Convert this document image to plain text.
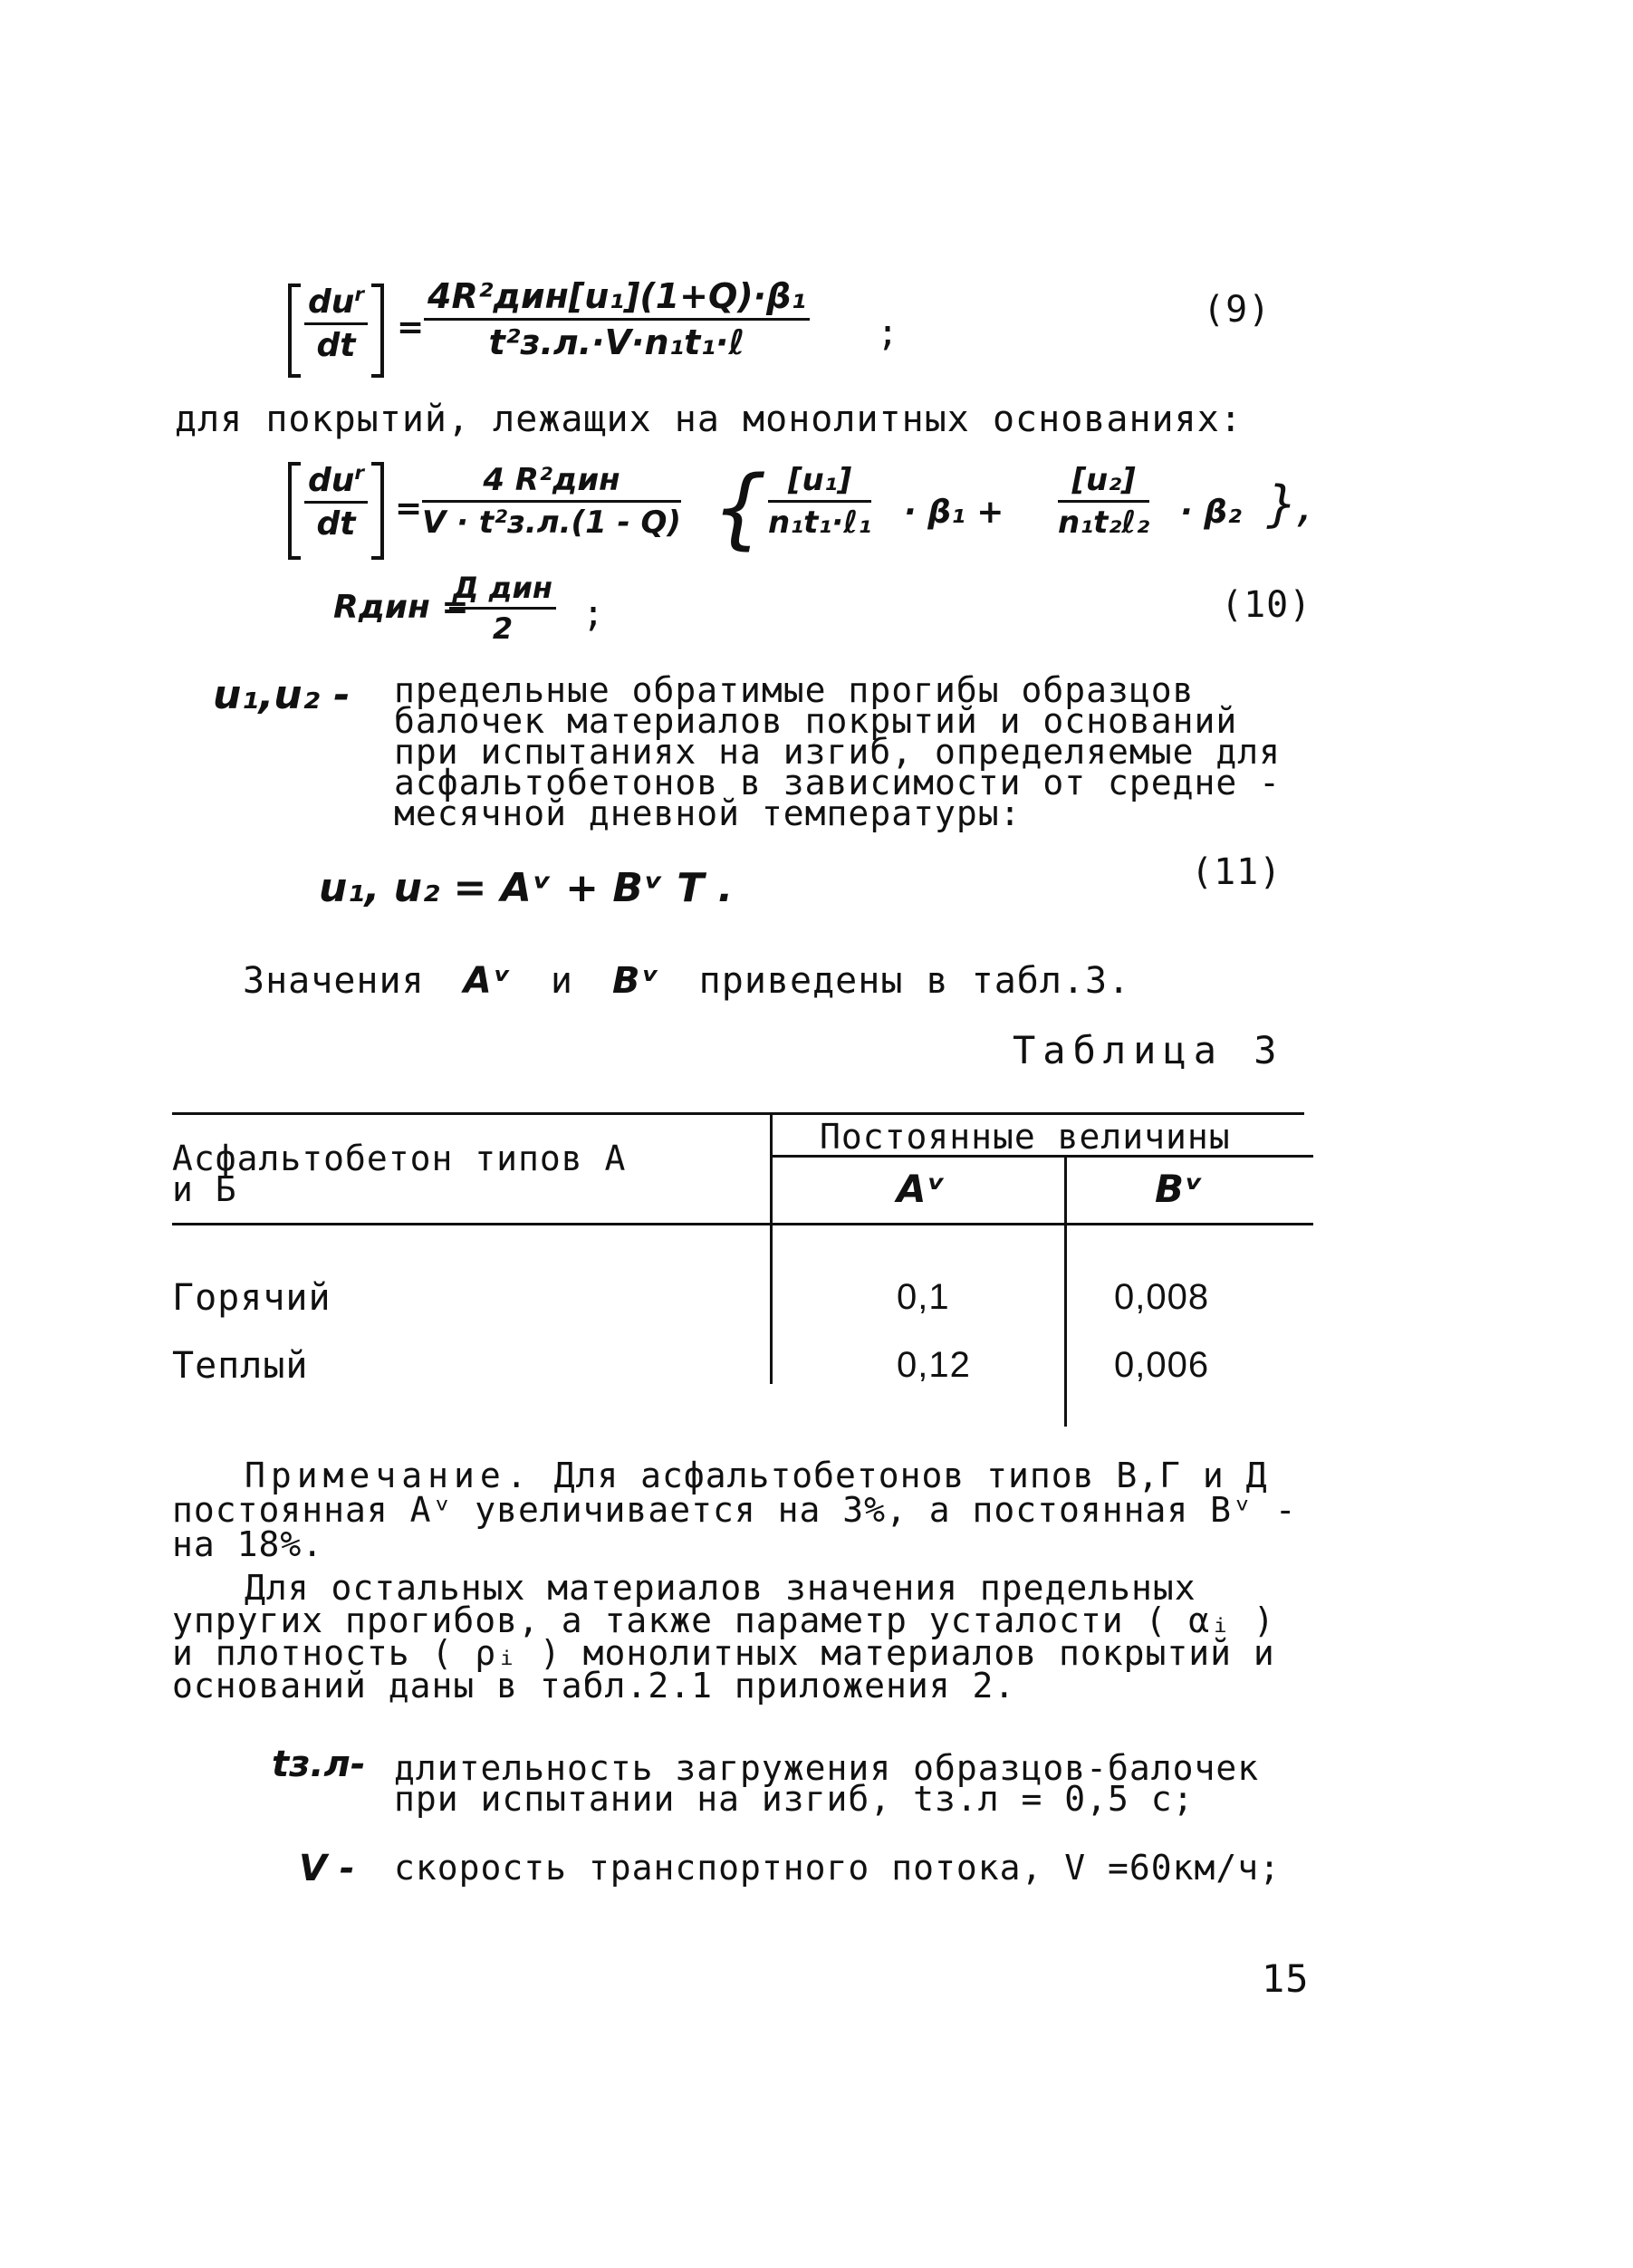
$du^r$
dt	=
4R²дин[u₁](1+Q)·β₁
t²з.л.·V·n₁t₁·ℓ	;
(9)
для покрытий, лежащих на монолитных основаниях:
$du^r$
dt	=
4 R²дин
V · t²з.л.(1 - Q) { [u₁]
n₁t₁·ℓ₁ · β₁ +
[u₂]
n₁t₂ℓ₂ · β₂ },
Rдин =
Д дин
2	;	(10)
u₁,u₂ - предельные обратимые прогибы образцов балочек материалов покрытий и оснований при испытаниях на изгиб, определяемые для асфальтобетонов в зависимости от средне - месячной дневной температуры:
u₁, u₂ = Aᵛ + Bᵛ T .	(11)
Значения Aᵛ и Bᵛ приведены в табл.3.
Таблица 3
Асфальтобетон типов А и Б
Постоянные величины
Aᵛ	Bᵛ
Горячий	0,1	0,008
Теплый	0,12	0,006
Примечание. Для асфальтобетонов типов В,Г и Д постоянная Aᵛ увеличивается на 3%, а постоянная Bᵛ - на 18%.
Для остальных материалов значения предельных упругих прогибов, а также параметр усталости ( αᵢ ) и плотность ( ρᵢ ) монолитных материалов покрытий и оснований даны в табл.2.1 приложения 2.
tз.л- длительность загружения образцов-балочек при испытании на изгиб, tз.л = 0,5 с;
V - скорость транспортного потока, V =60км/ч;
15
